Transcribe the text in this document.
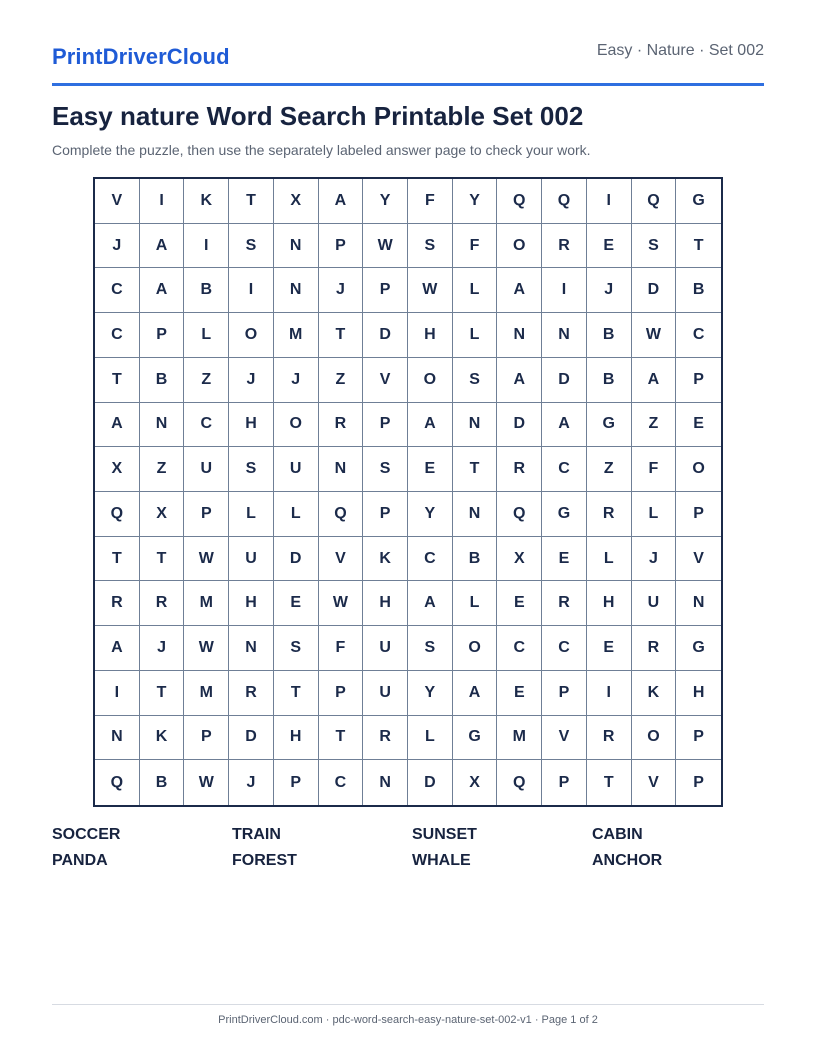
PrintDriverCloud	Easy · Nature · Set 002
Easy nature Word Search Printable Set 002
Complete the puzzle, then use the separately labeled answer page to check your work.
V	I	K	T	X	A	Y	F	Y	Q	Q	I	Q	G
J	A	I	S	N	P	W	S	F	O	R	E	S	T
C	A	B	I	N	J	P	W	L	A	I	J	D	B
C	P	L	O	M	T	D	H	L	N	N	B	W	C
T	B	Z	J	J	Z	V	O	S	A	D	B	A	P
A	N	C	H	O	R	P	A	N	D	A	G	Z	E
X	Z	U	S	U	N	S	E	T	R	C	Z	F	O
Q	X	P	L	L	Q	P	Y	N	Q	G	R	L	P
T	T	W	U	D	V	K	C	B	X	E	L	J	V
R	R	M	H	E	W	H	A	L	E	R	H	U	N
A	J	W	N	S	F	U	S	O	C	C	E	R	G
I	T	M	R	T	P	U	Y	A	E	P	I	K	H
N	K	P	D	H	T	R	L	G	M	V	R	O	P
Q	B	W	J	P	C	N	D	X	Q	P	T	V	P
SOCCER	TRAIN	SUNSET	CABIN
PANDA	FOREST	WHALE	ANCHOR
PrintDriverCloud.com · pdc-word-search-easy-nature-set-002-v1 · Page 1 of 2
